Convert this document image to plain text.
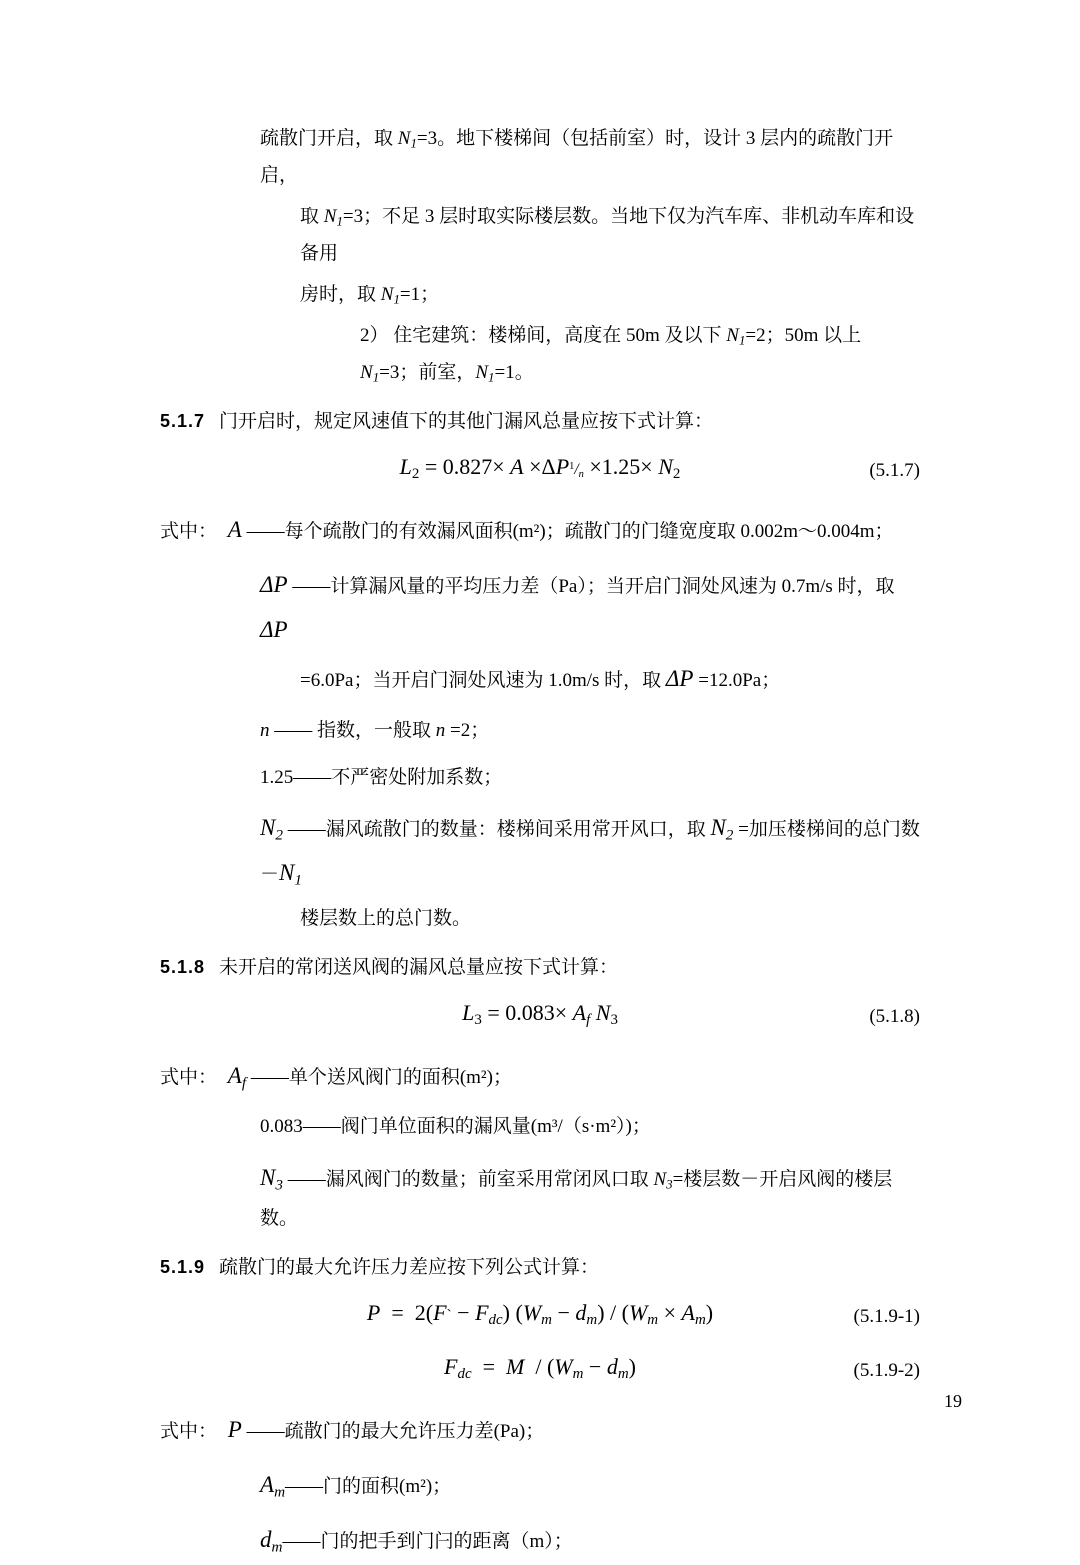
疏散门开启，取 $N_1=3$。地下楼梯间（包括前室）时，设计 3 层内的疏散门开启，
取 $N_1=3$；不足 3 层时取实际楼层数。当地下仅为汽车库、非机动车库和设备用
房时，取 $N_1=1$；
2） 住宅建筑：楼梯间，高度在 50m 及以下 $N_1=2$；50m 以上 $N_1=3$；前室，$N_1=1$。
5.1.7 门开启时，规定风速值下的其他门漏风总量应按下式计算：
$L2 = 0.827\times A \times\Delta P^1/_n \times 1.25\times N2$	(5.1.7)
式中： A ——每个疏散门的有效漏风面积(m²)；疏散门的门缝宽度取 0.002m～0.004m；
ΔP ——计算漏风量的平均压力差（Pa）；当开启门洞处风速为 0.7m/s 时，取 ΔP
=6.0Pa；当开启门洞处风速为 1.0m/s 时，取 ΔP =12.0Pa；
n —— 指数，一般取 n =2；
1.25——不严密处附加系数；
$N_2$ ——漏风疏散门的数量：楼梯间采用常开风口，取 $N_2$ =加压楼梯间的总门数$-N_1$
楼层数上的总门数。
5.1.8 未开启的常闭送风阀的漏风总量应按下式计算：
$L3 = 0.083\times A_f$ N3	(5.1.8)
式中： $A_f$ ——单个送风阀门的面积(m²)；
0.083——阀门单位面积的漏风量(m³/（s·m²）)；
$N_3$ ——漏风阀门的数量；前室采用常闭风口取 $N_3=$楼层数－开启风阀的楼层数。
5.1.9 疏散门的最大允许压力差应按下列公式计算：
P  =  2(F` − $F_{dc}$) $(W_m - d_m) / (W_m \times A_m)$	(5.1.9-1)
$F_{dc} = M / (W_m - d_m)$	(5.1.9-2)
式中： P ——疏散门的最大允许压力差(Pa)；
$A_m——$门的面积(m²)；
$d_m——$门的把手到门闩的距离（m）；
19
